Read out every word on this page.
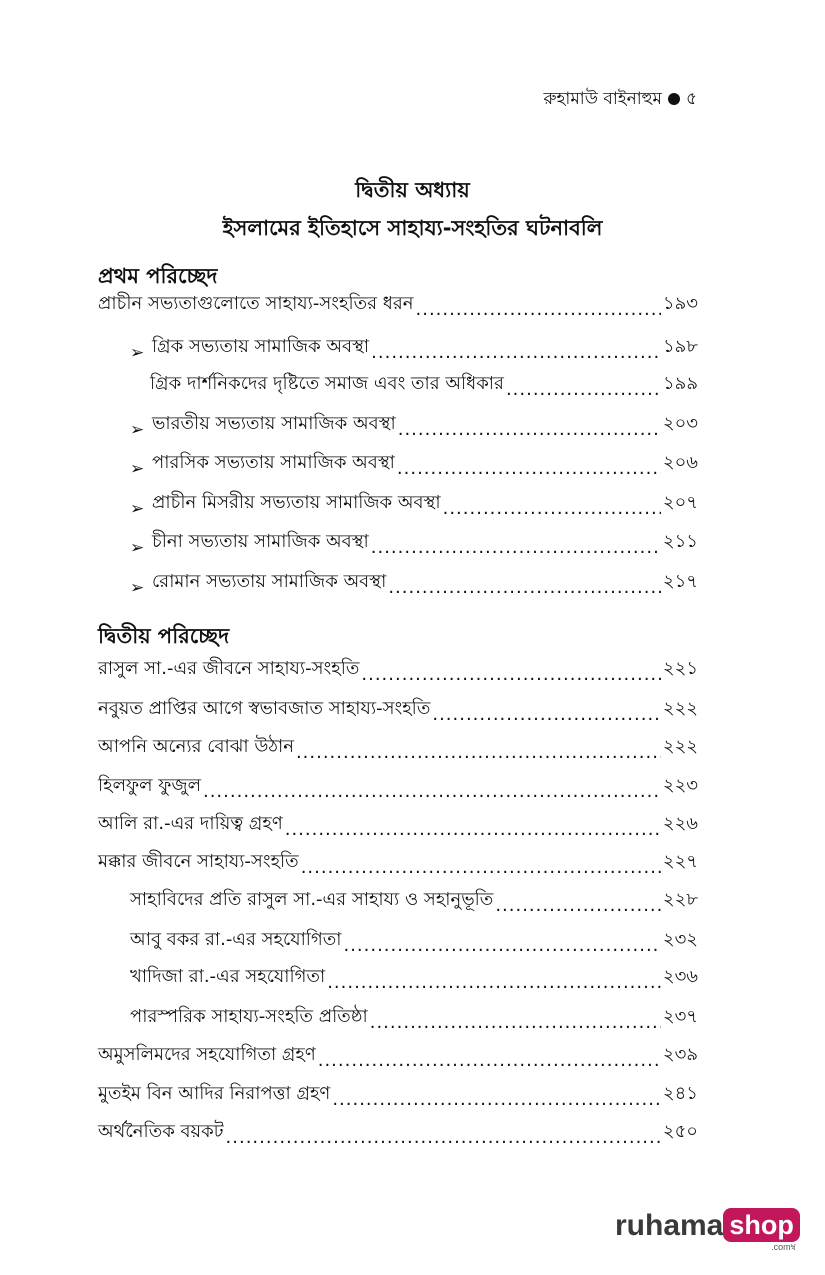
রুহামাউ বাইনাহুম ৫
দ্বিতীয় অধ্যায়
ইসলামের ইতিহাসে সাহায্য-সংহতির ঘটনাবলি
প্রথম পরিচ্ছেদ
প্রাচীন সভ্যতাগুলোতে সাহায্য-সংহতির ধরন .....	১৯৩
➢ গ্রিক সভ্যতায় সামাজিক অবস্থা .....	১৯৮
গ্রিক দার্শনিকদের দৃষ্টিতে সমাজ এবং তার অধিকার .....	১৯৯
➢ ভারতীয় সভ্যতায় সামাজিক অবস্থা .....	২০৩
➢ পারসিক সভ্যতায় সামাজিক অবস্থা .....	২০৬
➢ প্রাচীন মিসরীয় সভ্যতায় সামাজিক অবস্থা .....	২০৭
➢ চীনা সভ্যতায় সামাজিক অবস্থা .....	২১১
➢ রোমান সভ্যতায় সামাজিক অবস্থা .....	২১৭
দ্বিতীয় পরিচ্ছেদ
রাসুল সা.-এর জীবনে সাহায্য-সংহতি .....	২২১
নবুয়ত প্রাপ্তির আগে স্বভাবজাত সাহায্য-সংহতি .....	২২২
আপনি অন্যের বোঝা উঠান .....	২২২
হিলফুল ফুজুল .....	২২৩
আলি রা.-এর দায়িত্ব গ্রহণ .....	২২৬
মক্কার জীবনে সাহায্য-সংহতি .....	২২৭
সাহাবিদের প্রতি রাসুল সা.-এর সাহায্য ও সহানুভূতি .....	২২৮
আবু বকর রা.-এর সহযোগিতা .....	২৩২
খাদিজা রা.-এর সহযোগিতা .....	২৩৬
পারস্পরিক সাহায্য-সংহতি প্রতিষ্ঠা .....	২৩৭
অমুসলিমদের সহযোগিতা গ্রহণ .....	২৩৯
মুতইম বিন আদির নিরাপত্তা গ্রহণ .....	২৪১
অর্থনৈতিক বয়কট .....	২৫০
ruhama shop
.comম্ব
